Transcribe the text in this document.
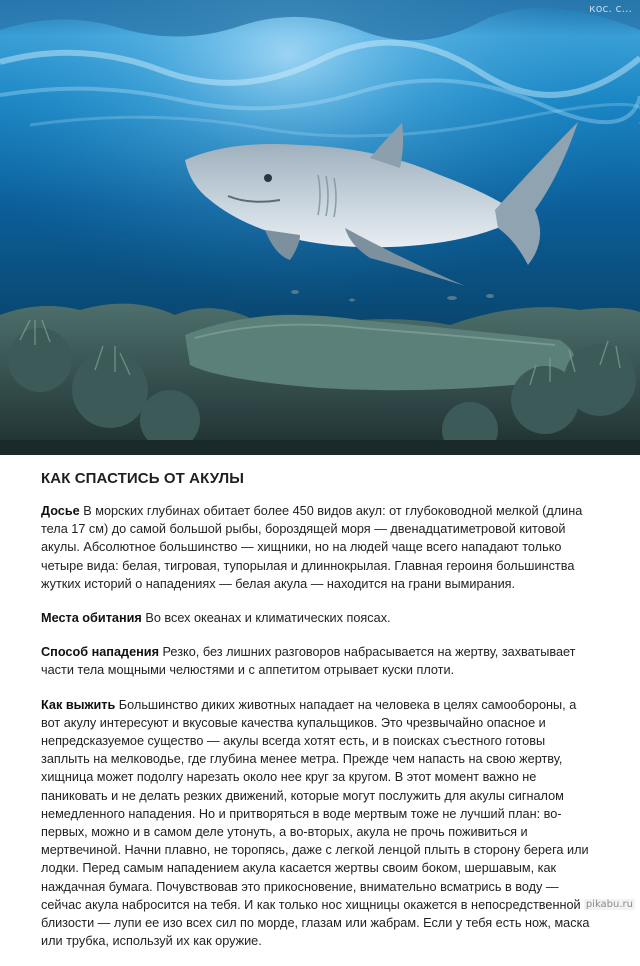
кос. с...
КАК СПАСТИСЬ ОТ АКУЛЫ

Досье В морских глубинах обитает более 450 видов акул: от глубоководной мелкой (длина тела 17 см) до самой большой рыбы, бороздящей моря — двенадцатиметровой китовой акулы. Абсолютное большинство — хищники, но на людей чаще всего нападают только четыре вида: белая, тигровая, тупорылая и длиннокрылая. Главная героиня большинства жутких историй о нападениях — белая акула — находится на грани вымирания.

Места обитания Во всех океанах и климатических поясах.

Способ нападения Резко, без лишних разговоров набрасывается на жертву, захватывает части тела мощными челюстями и с аппетитом отрывает куски плоти.

Как выжить Большинство диких животных нападает на человека в целях самообороны, а вот акулу интересуют и вкусовые качества купальщиков. Это чрезвычайно опасное и непредсказуемое существо — акулы всегда хотят есть, и в поисках съестного готовы заплыть на мелководье, где глубина менее метра. Прежде чем напасть на свою жертву, хищница может подолгу нарезать около нее круг за кругом. В этот момент важно не паниковать и не делать резких движений, которые могут послужить для акулы сигналом немедленного нападения. Но и притворяться в воде мертвым тоже не лучший план: во-первых, можно и в самом деле утонуть, а во-вторых, акула не прочь поживиться и мертвечиной. Начни плавно, не торопясь, даже с легкой ленцой плыть в сторону берега или лодки. Перед самым нападением акула касается жертвы своим боком, шершавым, как наждачная бумага. Почувствовав это прикосновение, внимательно всматрись в воду — сейчас акула набросится на тебя. И как только нос хищницы окажется в непосредственной близости — лупи ее изо всех сил по морде, глазам или жабрам. Если у тебя есть нож, маска или трубка, используй их как оружие.

pikabu.ru
